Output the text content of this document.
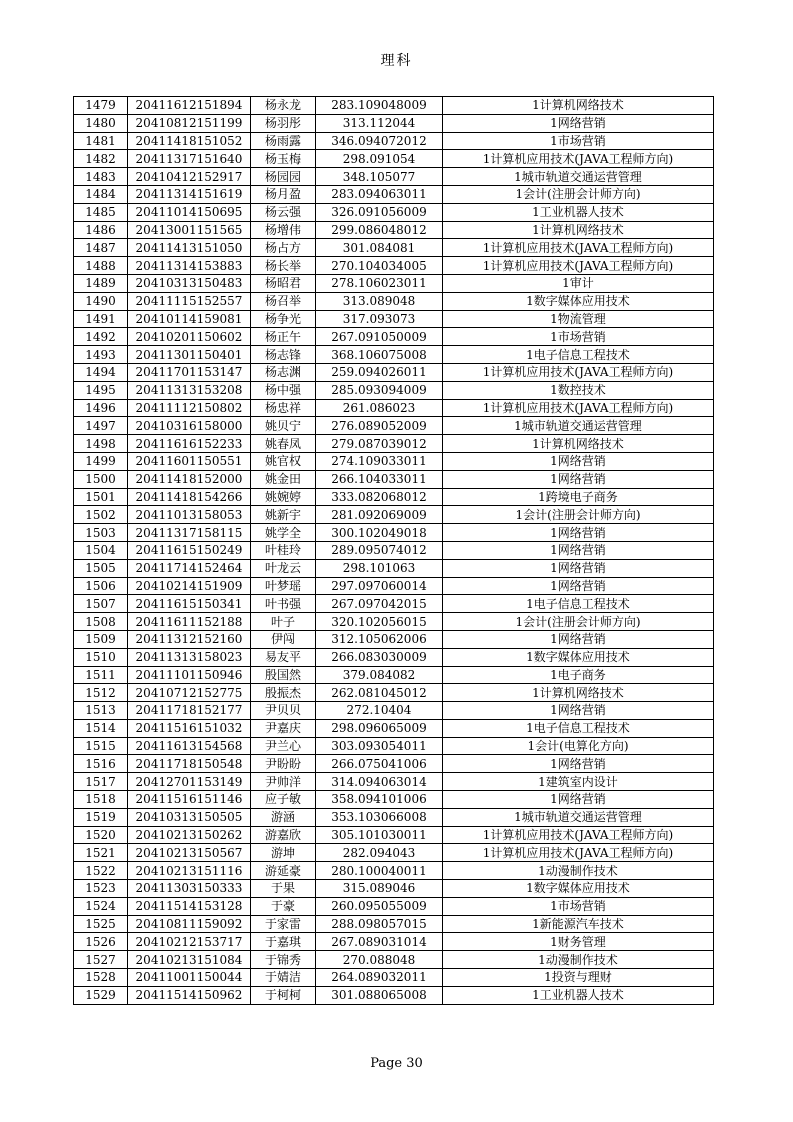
理科
1479	20411612151894	杨永龙	283.109048009	1计算机网络技术
1480	20410812151199	杨羽彤	313.112044	1网络营销
1481	20411418151052	杨雨露	346.094072012	1市场营销
1482	20411317151640	杨玉梅	298.091054	1计算机应用技术(JAVA工程师方向)
1483	20410412152917	杨园园	348.105077	1城市轨道交通运营管理
1484	20411314151619	杨月盈	283.094063011	1会计(注册会计师方向)
1485	20411014150695	杨云强	326.091056009	1工业机器人技术
1486	20413001151565	杨增伟	299.086048012	1计算机网络技术
1487	20411413151050	杨占方	301.084081	1计算机应用技术(JAVA工程师方向)
1488	20411314153883	杨长举	270.104034005	1计算机应用技术(JAVA工程师方向)
1489	20410313150483	杨昭君	278.106023011	1审计
1490	20411115152557	杨召举	313.089048	1数字媒体应用技术
1491	20410114159081	杨争光	317.093073	1物流管理
1492	20410201150602	杨正午	267.091050009	1市场营销
1493	20411301150401	杨志锋	368.106075008	1电子信息工程技术
1494	20411701153147	杨志渊	259.094026011	1计算机应用技术(JAVA工程师方向)
1495	20411313153208	杨中强	285.093094009	1数控技术
1496	20411112150802	杨忠祥	261.086023	1计算机应用技术(JAVA工程师方向)
1497	20410316158000	姚贝宁	276.089052009	1城市轨道交通运营管理
1498	20411616152233	姚春凤	279.087039012	1计算机网络技术
1499	20411601150551	姚官权	274.109033011	1网络营销
1500	20411418152000	姚金田	266.104033011	1网络营销
1501	20411418154266	姚婉婷	333.082068012	1跨境电子商务
1502	20411013158053	姚新宇	281.092069009	1会计(注册会计师方向)
1503	20411317158115	姚学全	300.102049018	1网络营销
1504	20411615150249	叶桂玲	289.095074012	1网络营销
1505	20411714152464	叶龙云	298.101063	1网络营销
1506	20410214151909	叶梦瑶	297.097060014	1网络营销
1507	20411615150341	叶书强	267.097042015	1电子信息工程技术
1508	20411611152188	叶子	320.102056015	1会计(注册会计师方向)
1509	20411312152160	伊闯	312.105062006	1网络营销
1510	20411313158023	易友平	266.083030009	1数字媒体应用技术
1511	20411101150946	殷国然	379.084082	1电子商务
1512	20410712152775	殷振杰	262.081045012	1计算机网络技术
1513	20411718152177	尹贝贝	272.10404	1网络营销
1514	20411516151032	尹嘉庆	298.096065009	1电子信息工程技术
1515	20411613154568	尹兰心	303.093054011	1会计(电算化方向)
1516	20411718150548	尹盼盼	266.075041006	1网络营销
1517	20412701153149	尹帅洋	314.094063014	1建筑室内设计
1518	20411516151146	应子敏	358.094101006	1网络营销
1519	20410313150505	游涵	353.103066008	1城市轨道交通运营管理
1520	20410213150262	游嘉欣	305.101030011	1计算机应用技术(JAVA工程师方向)
1521	20410213150567	游坤	282.094043	1计算机应用技术(JAVA工程师方向)
1522	20410213151116	游延豪	280.100040011	1动漫制作技术
1523	20411303150333	于果	315.089046	1数字媒体应用技术
1524	20411514153128	于豪	260.095055009	1市场营销
1525	20410811159092	于家雷	288.098057015	1新能源汽车技术
1526	20410212153717	于嘉琪	267.089031014	1财务管理
1527	20410213151084	于锦秀	270.088048	1动漫制作技术
1528	20411001150044	于婧洁	264.089032011	1投资与理财
1529	20411514150962	于柯柯	301.088065008	1工业机器人技术
Page 30
